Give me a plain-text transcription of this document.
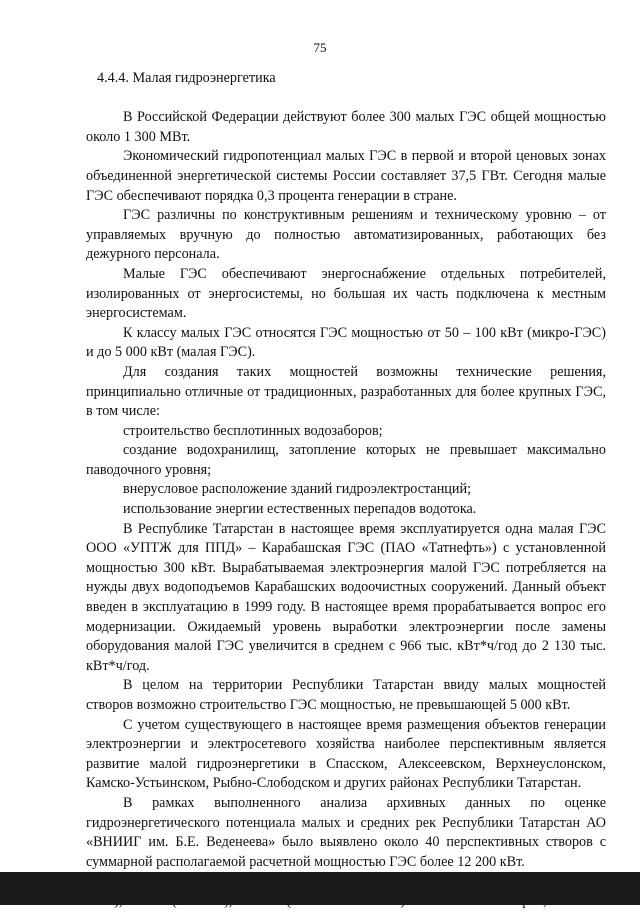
75

4.4.4. Малая гидроэнергетика

В Российской Федерации действуют более 300 малых ГЭС общей мощностью около 1 300 МВт.

Экономический гидропотенциал малых ГЭС в первой и второй ценовых зонах объединенной энергетической системы России составляет 37,5 ГВт. Сегодня малые ГЭС обеспечивают порядка 0,3 процента генерации в стране.

ГЭС различны по конструктивным решениям и техническому уровню – от управляемых вручную до полностью автоматизированных, работающих без дежурного персонала.

Малые ГЭС обеспечивают энергоснабжение отдельных потребителей, изолированных от энергосистемы, но большая их часть подключена к местным энергосистемам.

К классу малых ГЭС относятся ГЭС мощностью от 50 – 100 кВт (микро-ГЭС) и до 5 000 кВт (малая ГЭС).

Для создания таких мощностей возможны технические решения, принципиально отличные от традиционных, разработанных для более крупных ГЭС, в том числе:

строительство бесплотинных водозаборов;

создание водохранилищ, затопление которых не превышает максимально паводочного уровня;

внерусловое расположение зданий гидроэлектростанций;

использование энергии естественных перепадов водотока.

В Республике Татарстан в настоящее время эксплуатируется одна малая ГЭС ООО «УПТЖ для ППД» – Карабашская ГЭС (ПАО «Татнефть») с установленной мощностью 300 кВт. Вырабатываемая электроэнергия малой ГЭС потребляется на нужды двух водоподъемов Карабашских водоочистных сооружений. Данный объект введен в эксплуатацию в 1999 году. В настоящее время прорабатывается вопрос его модернизации. Ожидаемый уровень выработки электроэнергии после замены оборудования малой ГЭС увеличится в среднем с 966 тыс. кВт*ч/год до 2 130 тыс. кВт*ч/год.

В целом на территории Республики Татарстан ввиду малых мощностей створов возможно строительство ГЭС мощностью, не превышающей 5 000 кВт.

С учетом существующего в настоящее время размещения объектов генерации электроэнергии и электросетевого хозяйства наиболее перспективным является развитие малой гидроэнергетики в Спасском, Алексеевском, Верхнеуслонском, Камско-Устьинском, Рыбно-Слободском и других районах Республики Татарстан.

В рамках выполненного анализа архивных данных по оценке гидроэнергетического потенциала малых и средних рек Республики Татарстан АО «ВНИИГ им. Б.Е. Веденеева» было выявлено около 40 перспективных створов с суммарной располагаемой расчетной мощностью ГЭС более 12 200 кВт.
